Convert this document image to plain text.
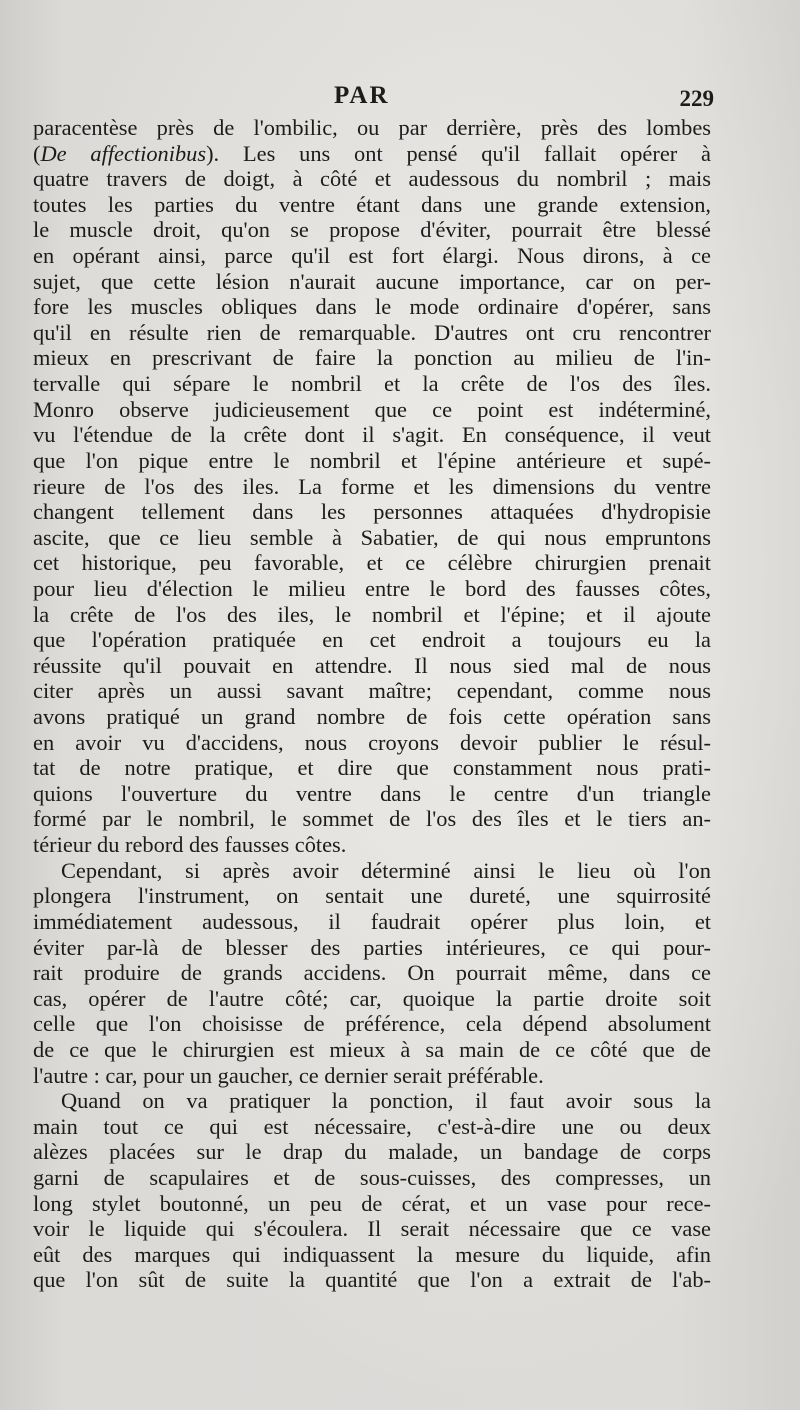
PAR	229
paracentèse près de l'ombilic, ou par derrière, près des lombes
(De affectionibus). Les uns ont pensé qu'il fallait opérer à
quatre travers de doigt, à côté et audessous du nombril ; mais
toutes les parties du ventre étant dans une grande extension,
le muscle droit, qu'on se propose d'éviter, pourrait être blessé
en opérant ainsi, parce qu'il est fort élargi. Nous dirons, à ce
sujet, que cette lésion n'aurait aucune importance, car on per-
fore les muscles obliques dans le mode ordinaire d'opérer, sans
qu'il en résulte rien de remarquable. D'autres ont cru rencontrer
mieux en prescrivant de faire la ponction au milieu de l'in-
tervalle qui sépare le nombril et la crête de l'os des îles.
Monro observe judicieusement que ce point est indéterminé,
vu l'étendue de la crête dont il s'agit. En conséquence, il veut
que l'on pique entre le nombril et l'épine antérieure et supé-
rieure de l'os des iles. La forme et les dimensions du ventre
changent tellement dans les personnes attaquées d'hydropisie
ascite, que ce lieu semble à Sabatier, de qui nous empruntons
cet historique, peu favorable, et ce célèbre chirurgien prenait
pour lieu d'élection le milieu entre le bord des fausses côtes,
la crête de l'os des iles, le nombril et l'épine; et il ajoute
que l'opération pratiquée en cet endroit a toujours eu la
réussite qu'il pouvait en attendre. Il nous sied mal de nous
citer après un aussi savant maître; cependant, comme nous
avons pratiqué un grand nombre de fois cette opération sans
en avoir vu d'accidens, nous croyons devoir publier le résul-
tat de notre pratique, et dire que constamment nous prati-
quions l'ouverture du ventre dans le centre d'un triangle
formé par le nombril, le sommet de l'os des îles et le tiers an-
térieur du rebord des fausses côtes.
Cependant, si après avoir déterminé ainsi le lieu où l'on
plongera l'instrument, on sentait une dureté, une squirrosité
immédiatement audessous, il faudrait opérer plus loin, et
éviter par-là de blesser des parties intérieures, ce qui pour-
rait produire de grands accidens. On pourrait même, dans ce
cas, opérer de l'autre côté; car, quoique la partie droite soit
celle que l'on choisisse de préférence, cela dépend absolument
de ce que le chirurgien est mieux à sa main de ce côté que de
l'autre : car, pour un gaucher, ce dernier serait préférable.
Quand on va pratiquer la ponction, il faut avoir sous la
main tout ce qui est nécessaire, c'est-à-dire une ou deux
alèzes placées sur le drap du malade, un bandage de corps
garni de scapulaires et de sous-cuisses, des compresses, un
long stylet boutonné, un peu de cérat, et un vase pour rece-
voir le liquide qui s'écoulera. Il serait nécessaire que ce vase
eût des marques qui indiquassent la mesure du liquide, afin
que l'on sût de suite la quantité que l'on a extrait de l'ab-
